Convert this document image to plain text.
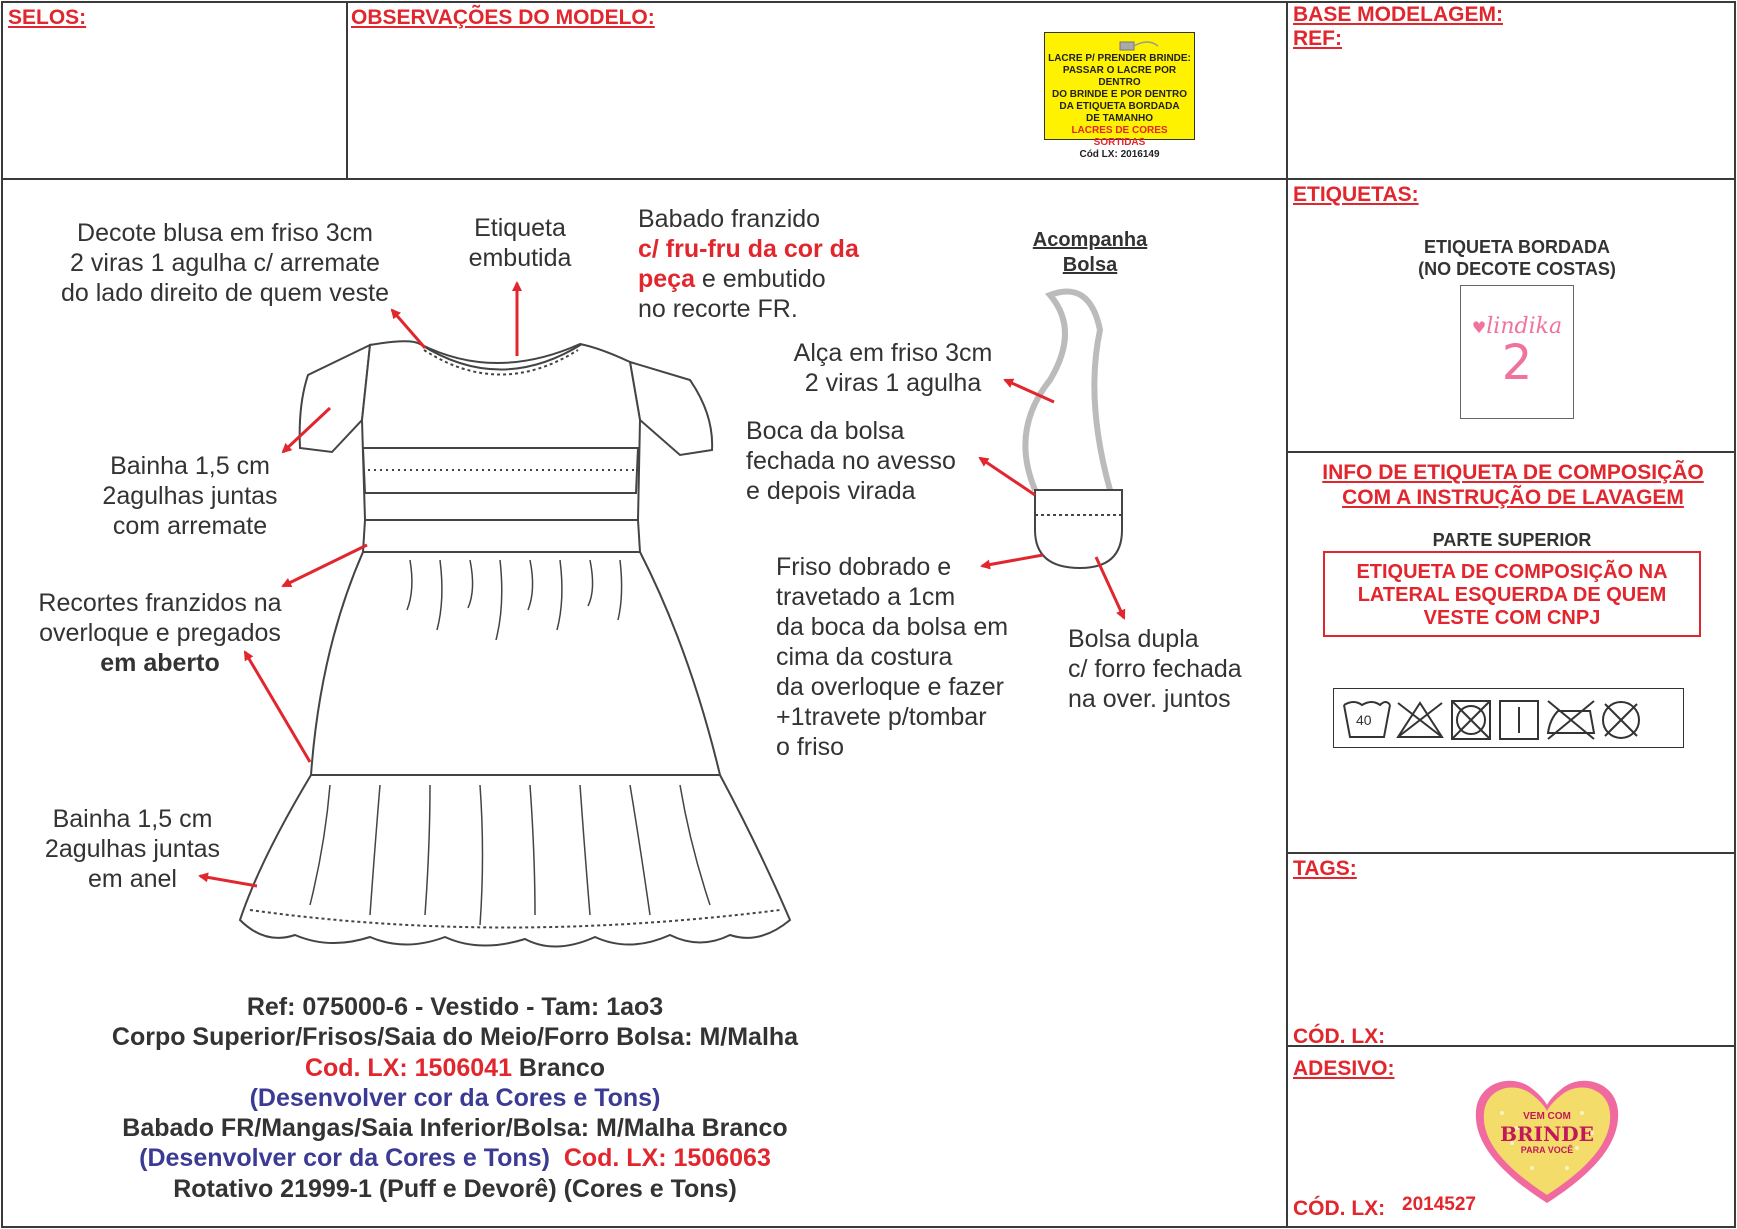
SELOS:	OBSERVAÇÕES DO MODELO:	BASE MODELAGEM:
REF:
LACRE P/ PRENDER BRINDE:
PASSAR O LACRE POR DENTRO
DO BRINDE E POR DENTRO
DA ETIQUETA BORDADA
DE TAMANHO
LACRES DE CORES SORTIDAS
Cód LX: 2016149
Decote blusa em friso 3cm
2 viras 1 agulha c/ arremate
do lado direito de quem veste
Etiqueta
embutida
Babado franzido
c/ fru-fru da cor da
peça e embutido
no recorte FR.
Bainha 1,5 cm
2agulhas juntas
com arremate
Recortes franzidos na
overloque e pregados
em aberto
Bainha 1,5 cm
2agulhas juntas
em anel
Acompanha
Bolsa
Alça em friso 3cm
2 viras 1 agulha
Boca da bolsa
fechada no avesso
e depois virada
Friso dobrado e
travetado a 1cm
da boca da bolsa em
cima da costura
da overloque e fazer
+1travete p/tombar
o friso
Bolsa dupla
c/ forro fechada
na over. juntos
Ref: 075000-6 - Vestido - Tam: 1ao3
Corpo Superior/Frisos/Saia do Meio/Forro Bolsa: M/Malha
Cod. LX: 1506041 Branco
(Desenvolver cor da Cores e Tons)
Babado FR/Mangas/Saia Inferior/Bolsa: M/Malha Branco
(Desenvolver cor da Cores e Tons)  Cod. LX: 1506063
Rotativo 21999-1 (Puff e Devorê) (Cores e Tons)
ETIQUETAS:
ETIQUETA BORDADA
(NO DECOTE COSTAS)
♥lindika
2
INFO DE ETIQUETA DE COMPOSIÇÃO
COM A INSTRUÇÃO DE LAVAGEM
PARTE SUPERIOR
ETIQUETA DE COMPOSIÇÃO NA
LATERAL ESQUERDA DE QUEM
VESTE COM CNPJ
40
TAGS:
CÓD. LX:
ADESIVO:
CÓD. LX: 2014527
VEM COM
BRINDE
PARA VOCÊ
